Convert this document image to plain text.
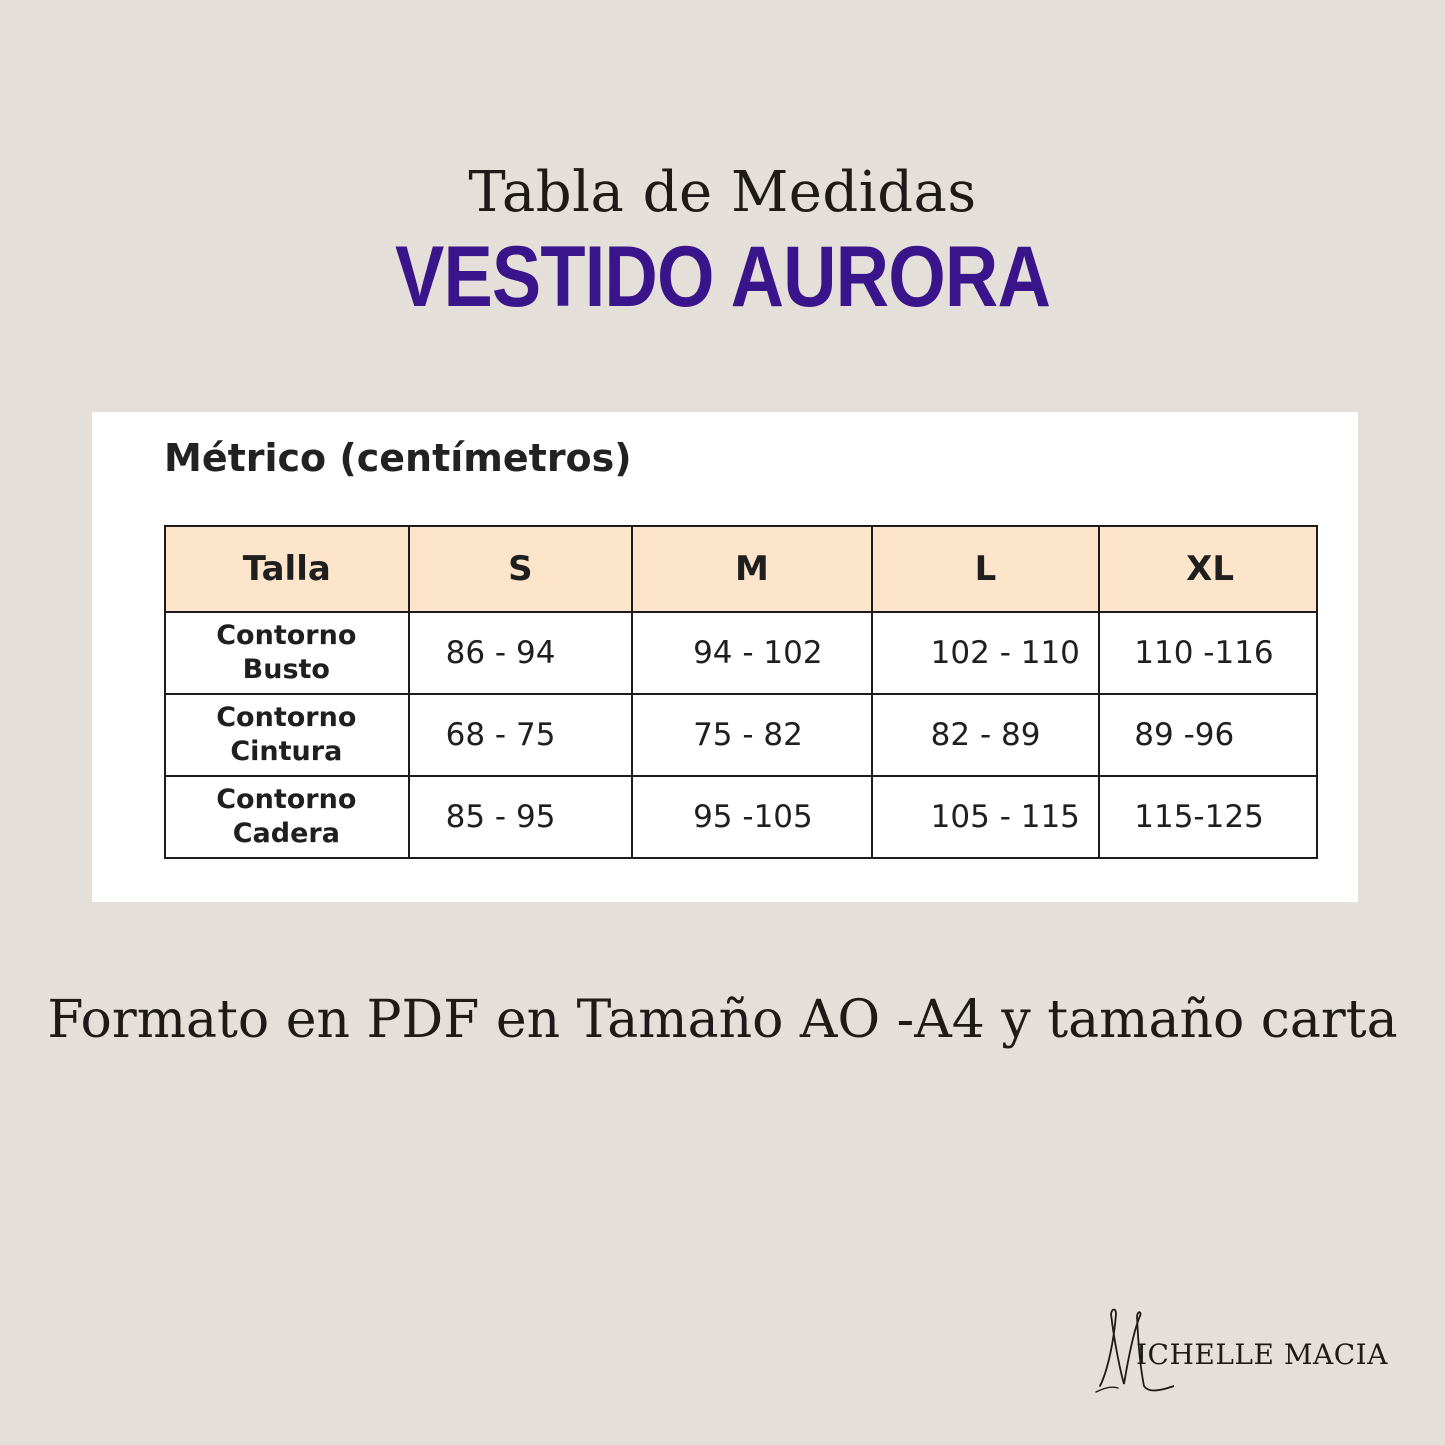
Tabla de Medidas
VESTIDO AURORA
Métrico (centímetros)
Talla	S	M	L	XL

Contorno
Busto	86 - 94	94 - 102	102 - 110	110 -116

Contorno
Cintura	68 - 75	75 - 82	82 - 89	89 -96

Contorno
Cadera	85 - 95	95 -105	105 - 115	115-125
Formato en PDF en Tamaño AO -A4 y tamaño carta
ICHELLE MACIA
